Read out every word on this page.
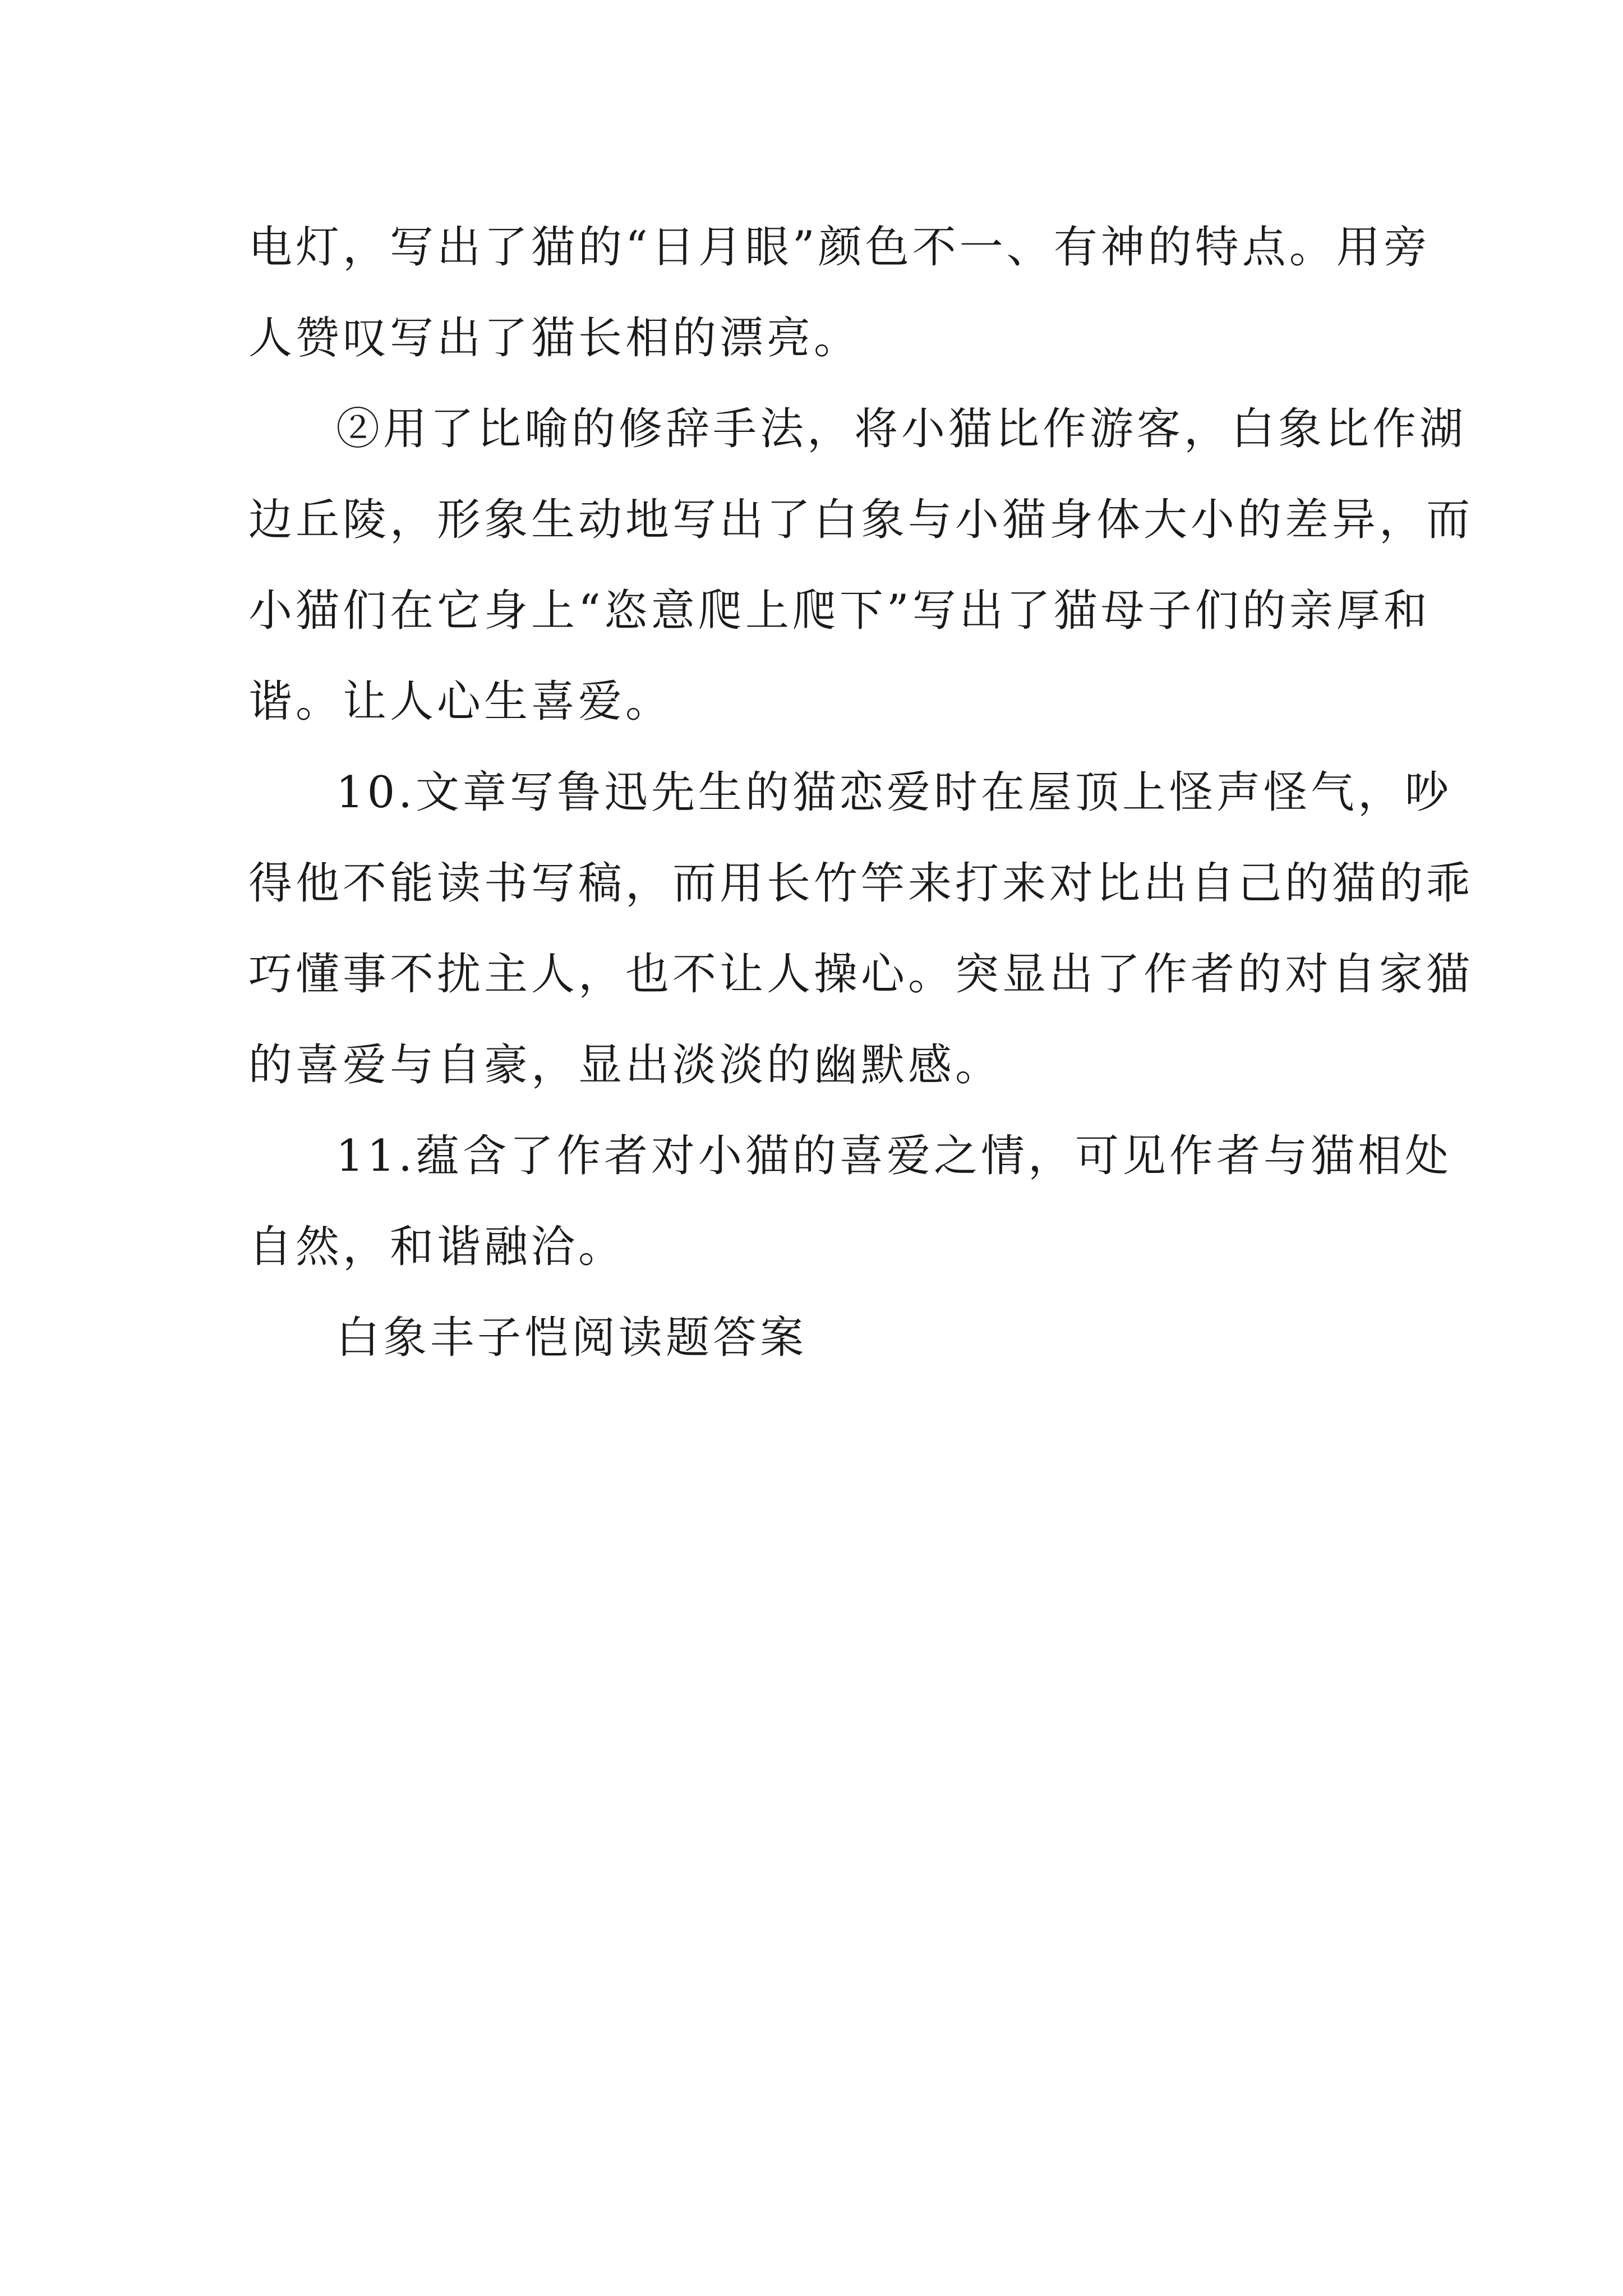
电灯，写出了猫的“日月眼”颜色不一、有神的特点。用旁
人赞叹写出了猫长相的漂亮。
②用了比喻的修辞手法，将小猫比作游客，白象比作湖
边丘陵，形象生动地写出了白象与小猫身体大小的差异，而
小猫们在它身上“恣意爬上爬下”写出了猫母子们的亲厚和
谐。让人心生喜爱。
10.文章写鲁迅先生的猫恋爱时在屋顶上怪声怪气，吵
得他不能读书写稿，而用长竹竿来打来对比出自己的猫的乖
巧懂事不扰主人，也不让人操心。突显出了作者的对自家猫
的喜爱与自豪，显出淡淡的幽默感。
11.蕴含了作者对小猫的喜爱之情，可见作者与猫相处
自然，和谐融洽。
白象丰子恺阅读题答案
